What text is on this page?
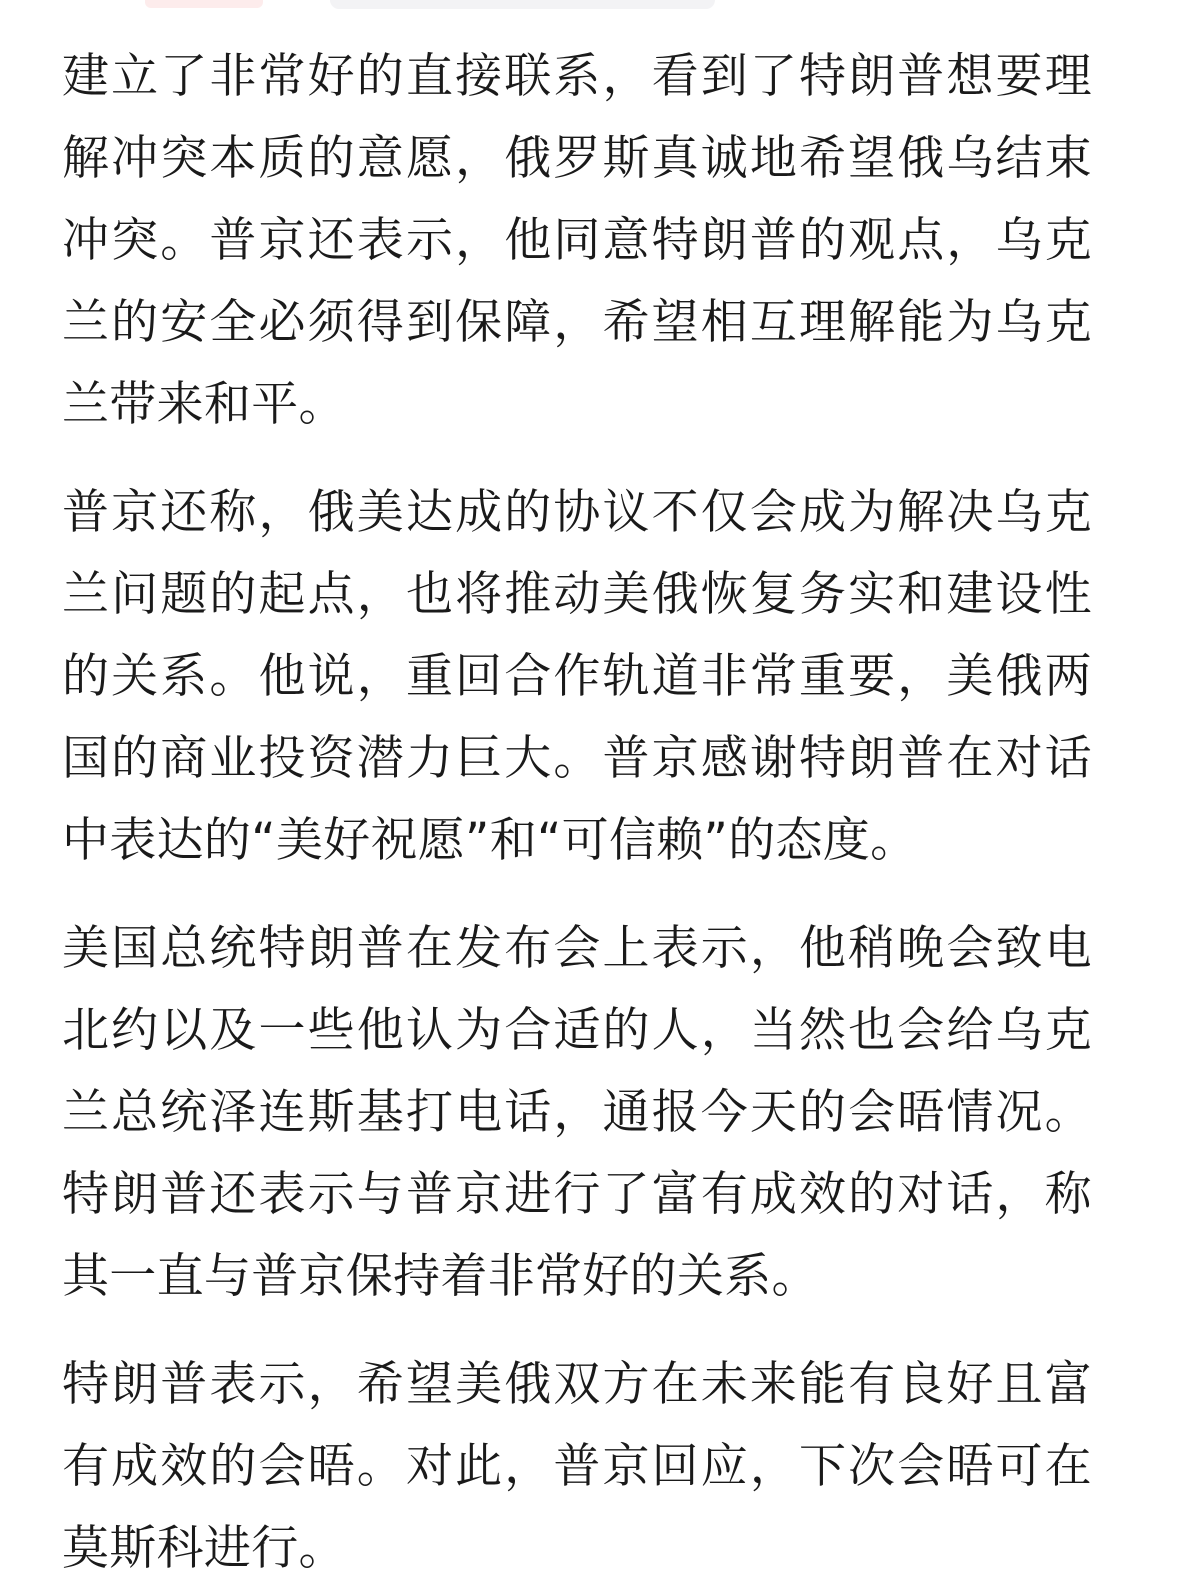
建立了非常好的直接联系，看到了特朗普想要理解冲突本质的意愿，俄罗斯真诚地希望俄乌结束冲突。普京还表示，他同意特朗普的观点，乌克兰的安全必须得到保障，希望相互理解能为乌克兰带来和平。

普京还称，俄美达成的协议不仅会成为解决乌克兰问题的起点，也将推动美俄恢复务实和建设性的关系。他说，重回合作轨道非常重要，美俄两国的商业投资潜力巨大。普京感谢特朗普在对话中表达的“美好祝愿”和“可信赖”的态度。

美国总统特朗普在发布会上表示，他稍晚会致电北约以及一些他认为合适的人，当然也会给乌克兰总统泽连斯基打电话，通报今天的会晤情况。特朗普还表示与普京进行了富有成效的对话，称其一直与普京保持着非常好的关系。

特朗普表示，希望美俄双方在未来能有良好且富有成效的会晤。对此，普京回应，下次会晤可在莫斯科进行。
